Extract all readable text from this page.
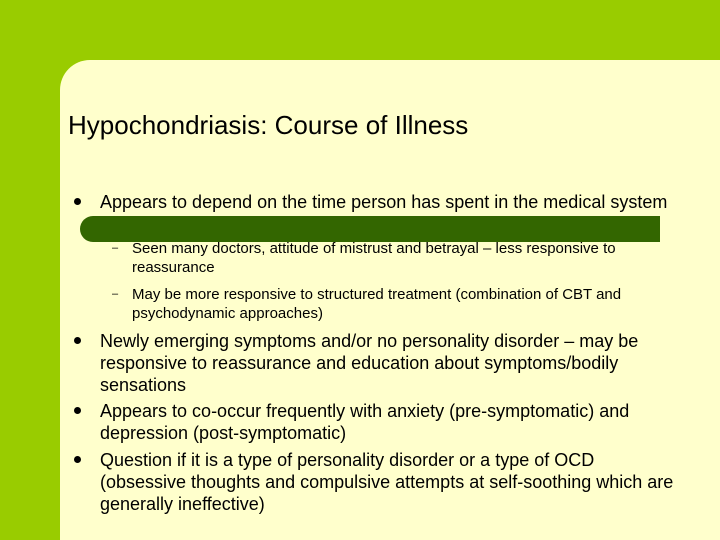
Hypochondriasis: Course of Illness
Appears to depend on the time person has spent in the medical system
– Seen many doctors, attitude of mistrust and betrayal – less responsive to reassurance
– May be more responsive to structured treatment (combination of CBT and psychodynamic approaches)
Newly emerging symptoms and/or no personality disorder – may be responsive to reassurance and education about symptoms/bodily sensations
Appears to co-occur frequently with anxiety (pre-symptomatic) and depression (post-symptomatic)
Question if it is a type of personality disorder or a type of OCD (obsessive thoughts and compulsive attempts at self-soothing which are generally ineffective)
